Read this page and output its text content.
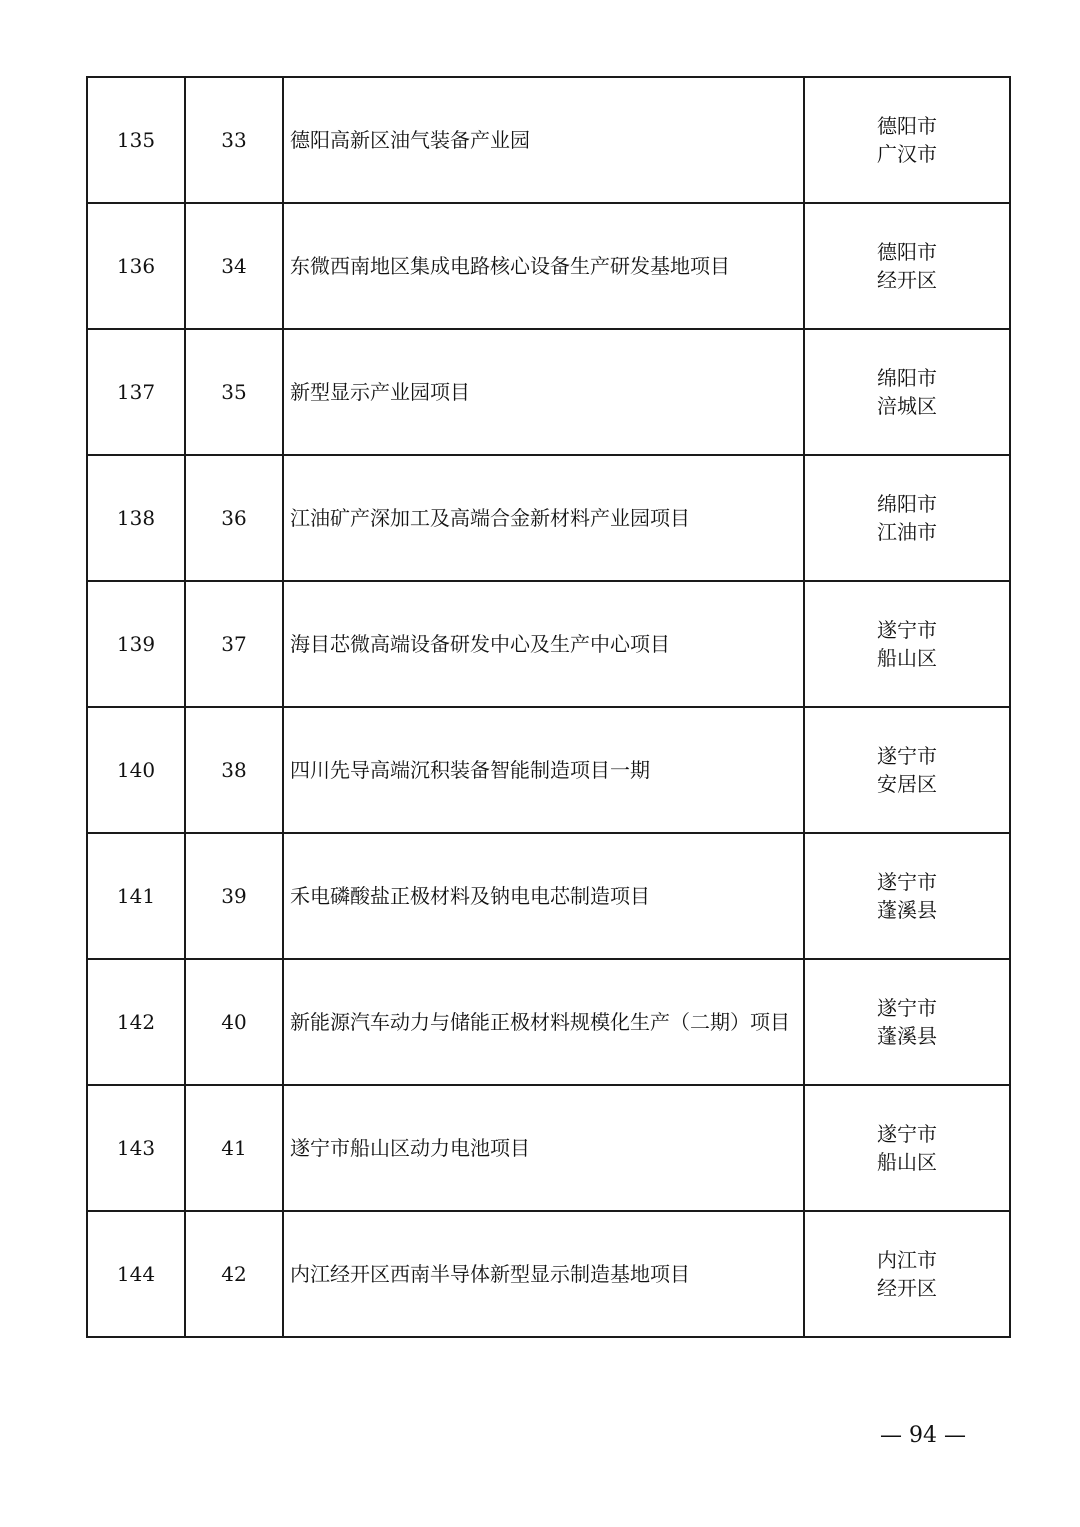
135	33	德阳高新区油气装备产业园	德阳市
广汉市

136	34	东微西南地区集成电路核心设备生产研发基地项目	德阳市
经开区

137	35	新型显示产业园项目	绵阳市
涪城区

138	36	江油矿产深加工及高端合金新材料产业园项目	绵阳市
江油市

139	37	海目芯微高端设备研发中心及生产中心项目	遂宁市
船山区

140	38	四川先导高端沉积装备智能制造项目一期	遂宁市
安居区

141	39	禾电磷酸盐正极材料及钠电电芯制造项目	遂宁市
蓬溪县

142	40	新能源汽车动力与储能正极材料规模化生产（二期）项目	遂宁市
蓬溪县

143	41	遂宁市船山区动力电池项目	遂宁市
船山区

144	42	内江经开区西南半导体新型显示制造基地项目	内江市
经开区
— 94 —
